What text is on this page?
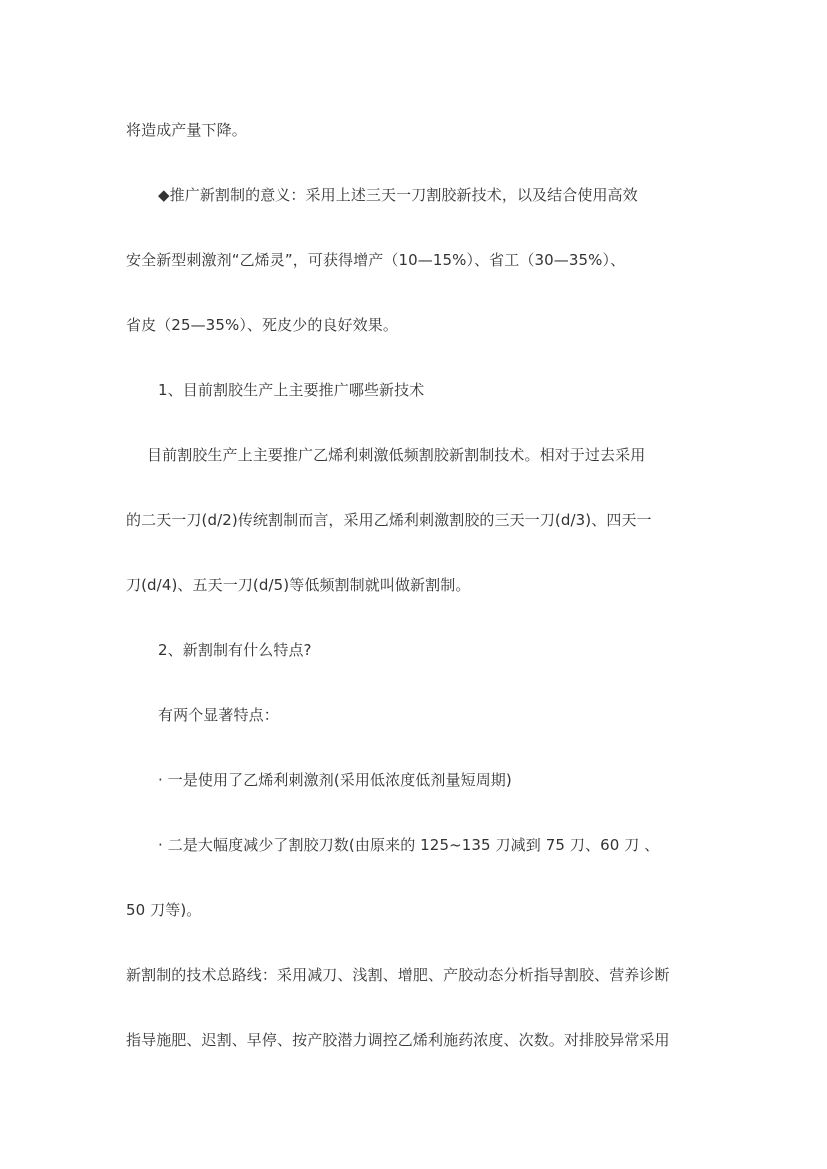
将造成产量下降。
◆推广新割制的意义：采用上述三天一刀割胶新技术，以及结合使用高效
安全新型刺激剂“乙烯灵”，可获得增产（10—15%）、省工（30—35%）、
省皮（25—35%）、死皮少的良好效果。
1、目前割胶生产上主要推广哪些新技术
目前割胶生产上主要推广乙烯利刺激低频割胶新割制技术。相对于过去采用
的二天一刀(d/2)传统割制而言，采用乙烯利刺激割胶的三天一刀(d/3)、四天一
刀(d/4)、五天一刀(d/5)等低频割制就叫做新割制。
2、新割制有什么特点?
有两个显著特点：
· 一是使用了乙烯利刺激剂(采用低浓度低剂量短周期)
· 二是大幅度减少了割胶刀数(由原来的 125~135 刀减到 75 刀、60 刀 、
50 刀等)。
新割制的技术总路线：采用减刀、浅割、增肥、产胶动态分析指导割胶、营养诊断
指导施肥、迟割、早停、按产胶潜力调控乙烯利施药浓度、次数。对排胶异常采用
